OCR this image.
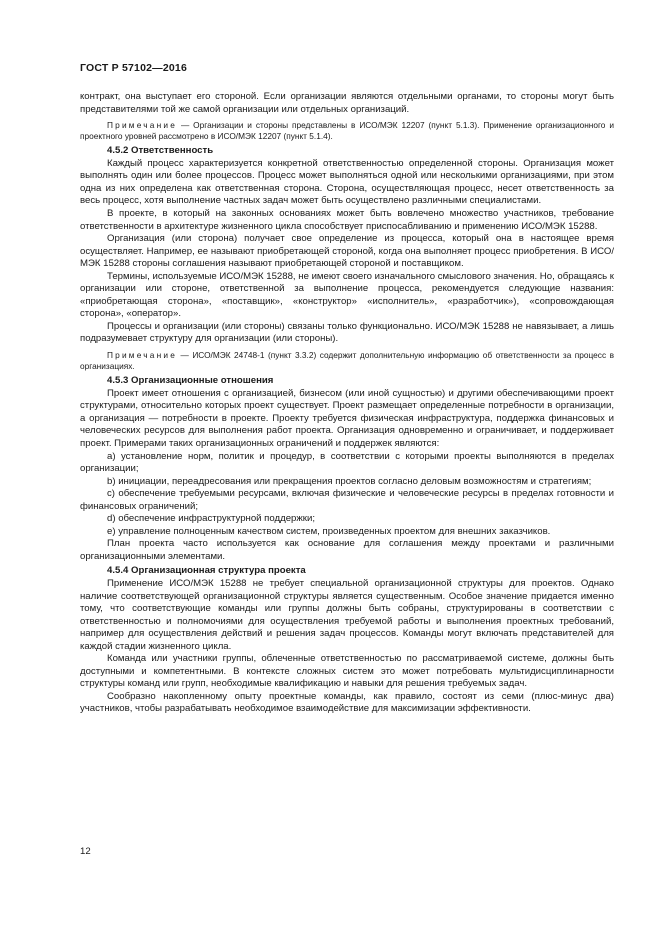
ГОСТ Р 57102—2016

контракт, она выступает его стороной. Если организации являются отдельными органами, то стороны могут быть представителями той же самой организации или отдельных организаций.

Примечание — Организации и стороны представлены в ИСО/МЭК 12207 (пункт 5.1.3). Применение организационного и проектного уровней рассмотрено в ИСО/МЭК 12207 (пункт 5.1.4).

4.5.2 Ответственность

Каждый процесс характеризуется конкретной ответственностью определенной стороны. Организация может выполнять один или более процессов. Процесс может выполняться одной или несколькими организациями, при этом одна из них определена как ответственная сторона. Сторона, осуществляющая процесс, несет ответственность за весь процесс, хотя выполнение частных задач может быть осуществлено различными специалистами.

В проекте, в который на законных основаниях может быть вовлечено множество участников, требование ответственности в архитектуре жизненного цикла способствует приспосабливанию и применению ИСО/МЭК 15288.

Организация (или сторона) получает свое определение из процесса, который она в настоящее время осуществляет. Например, ее называют приобретающей стороной, когда она выполняет процесс приобретения. В ИСО/МЭК 15288 стороны соглашения называют приобретающей стороной и поставщиком.

Термины, используемые ИСО/МЭК 15288, не имеют своего изначального смыслового значения. Но, обращаясь к организации или стороне, ответственной за выполнение процесса, рекомендуется следующие названия: «приобретающая сторона», «поставщик», «конструктор» «исполнитель», «разработчик»), «сопровождающая сторона», «оператор».

Процессы и организации (или стороны) связаны только функционально. ИСО/МЭК 15288 не навязывает, а лишь подразумевает структуру для организации (или стороны).

Примечание — ИСО/МЭК 24748-1 (пункт 3.3.2) содержит дополнительную информацию об ответственности за процесс в организациях.

4.5.3 Организационные отношения

Проект имеет отношения с организацией, бизнесом (или иной сущностью) и другими обеспечивающими проект структурами, относительно которых проект существует. Проект размещает определенные потребности в организации, а организация — потребности в проекте. Проекту требуется физическая инфраструктура, поддержка финансовых и человеческих ресурсов для выполнения работ проекта. Организация одновременно и ограничивает, и поддерживает проект. Примерами таких организационных ограничений и поддержек являются:

а) установление норм, политик и процедур, в соответствии с которыми проекты выполняются в пределах организации;

b) инициации, переадресования или прекращения проектов согласно деловым возможностям и стратегиям;

с) обеспечение требуемыми ресурсами, включая физические и человеческие ресурсы в пределах готовности и финансовых ограничений;

d) обеспечение инфраструктурной поддержки;

е) управление полноценным качеством систем, произведенных проектом для внешних заказчиков.

План проекта часто используется как основание для соглашения между проектами и различными организационными элементами.

4.5.4 Организационная структура проекта

Применение ИСО/МЭК 15288 не требует специальной организационной структуры для проектов. Однако наличие соответствующей организационной структуры является существенным. Особое значение придается именно тому, что соответствующие команды или группы должны быть собраны, структурированы в соответствии с ответственностью и полномочиями для осуществления требуемой работы и выполнения проектных требований, например для осуществления действий и решения задач процессов. Команды могут включать представителей для каждой стадии жизненного цикла.

Команда или участники группы, облеченные ответственностью по рассматриваемой системе, должны быть доступными и компетентными. В контексте сложных систем это может потребовать мультидисциплинарности структуры команд или групп, необходимые квалификацию и навыки для решения требуемых задач.

Сообразно накопленному опыту проектные команды, как правило, состоят из семи (плюс-минус два) участников, чтобы разрабатывать необходимое взаимодействие для максимизации эффективности.

12
